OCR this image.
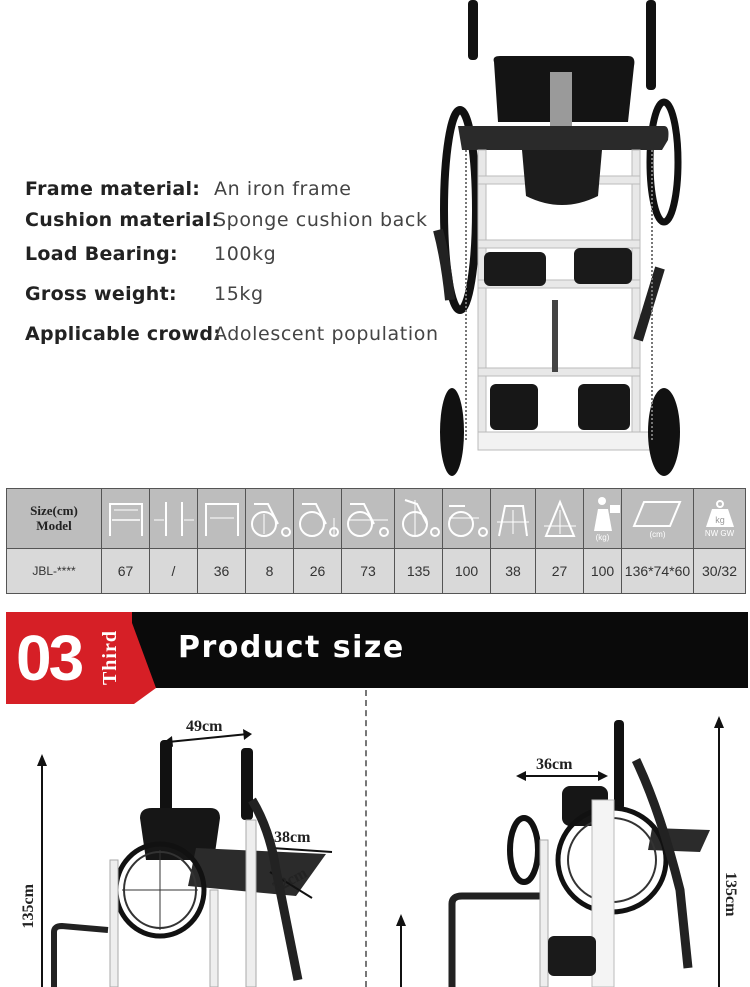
Frame material: An iron frame
Cushion material:Sponge cushion back
Load Bearing: 100kg
Gross weight: 15kg
Applicable crowd:Adolescent population
Size(cm)
Model											(kg)	(cm)	kg
NW GW

JBL-****	67	/	36	8	26	73	135	100	38	27	100	136*74*60	30/32
03 Third Product size
49cm
38cm
32cm
135cm
36cm
135cm
